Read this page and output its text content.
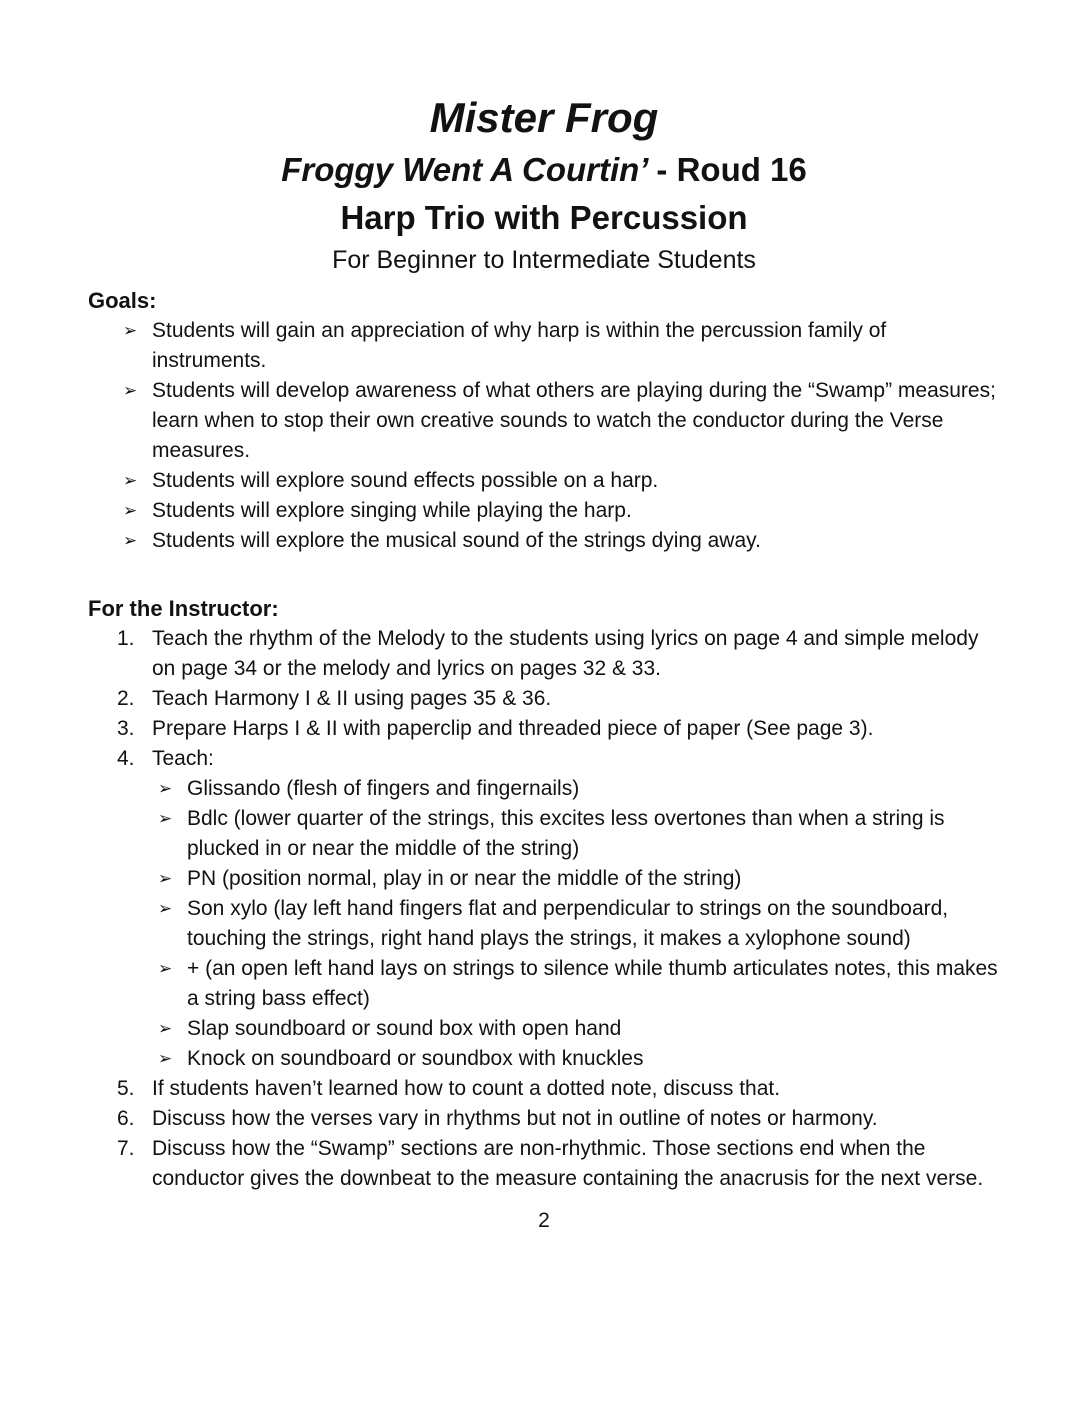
Mister Frog
Froggy Went A Courtin’ - Roud 16
Harp Trio with Percussion
For Beginner to Intermediate Students
Goals:
➢ Students will gain an appreciation of why harp is within the percussion family of instruments.
➢ Students will develop awareness of what others are playing during the “Swamp” measures; learn when to stop their own creative sounds to watch the conductor during the Verse measures.
➢ Students will explore sound effects possible on a harp.
➢ Students will explore singing while playing the harp.
➢ Students will explore the musical sound of the strings dying away.
For the Instructor:
1. Teach the rhythm of the Melody to the students using lyrics on page 4 and simple melody on page 34 or the melody and lyrics on pages 32 & 33.
2. Teach Harmony I & II using pages 35 & 36.
3. Prepare Harps I & II with paperclip and threaded piece of paper (See page 3).
4. Teach:
➢ Glissando (flesh of fingers and fingernails)
➢ Bdlc (lower quarter of the strings, this excites less overtones than when a string is plucked in or near the middle of the string)
➢ PN (position normal, play in or near the middle of the string)
➢ Son xylo (lay left hand fingers flat and perpendicular to strings on the soundboard, touching the strings, right hand plays the strings, it makes a xylophone sound)
➢ + (an open left hand lays on strings to silence while thumb articulates notes, this makes a string bass effect)
➢ Slap soundboard or sound box with open hand
➢ Knock on soundboard or soundbox with knuckles
5. If students haven’t learned how to count a dotted note, discuss that.
6. Discuss how the verses vary in rhythms but not in outline of notes or harmony.
7. Discuss how the “Swamp” sections are non-rhythmic. Those sections end when the conductor gives the downbeat to the measure containing the anacrusis for the next verse.
2
